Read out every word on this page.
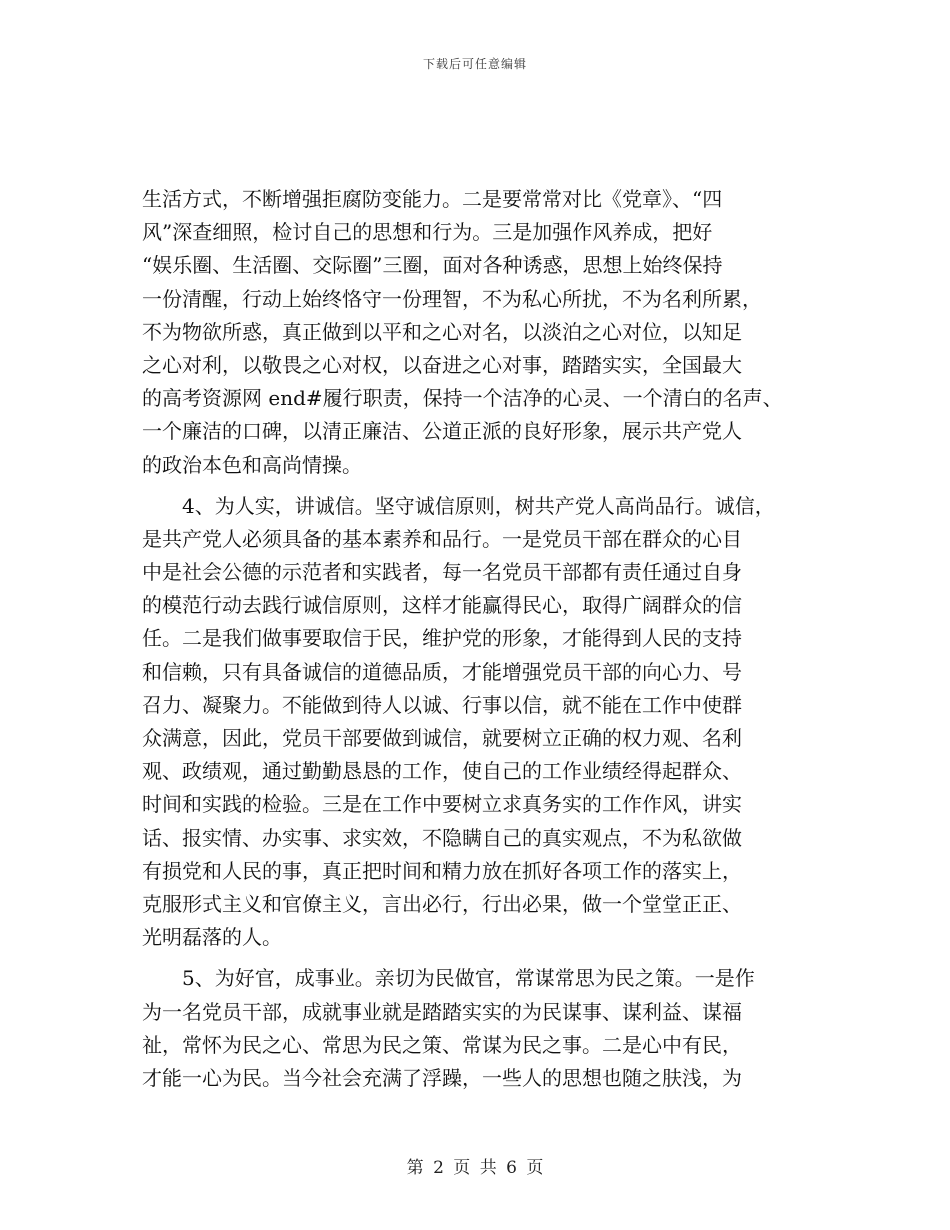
下载后可任意编辑
生活方式，不断增强拒腐防变能力。二是要常常对比《党章》、“四
风”深查细照，检讨自己的思想和行为。三是加强作风养成，把好
“娱乐圈、生活圈、交际圈”三圈，面对各种诱惑，思想上始终保持
一份清醒，行动上始终恪守一份理智，不为私心所扰，不为名利所累，
不为物欲所惑，真正做到以平和之心对名，以淡泊之心对位，以知足
之心对利，以敬畏之心对权，以奋进之心对事，踏踏实实，全国最大
的高考资源网 end#履行职责，保持一个洁净的心灵、一个清白的名声、
一个廉洁的口碑，以清正廉洁、公道正派的良好形象，展示共产党人
的政治本色和高尚情操。
　　4、为人实，讲诚信。坚守诚信原则，树共产党人高尚品行。诚信，
是共产党人必须具备的基本素养和品行。一是党员干部在群众的心目
中是社会公德的示范者和实践者，每一名党员干部都有责任通过自身
的模范行动去践行诚信原则，这样才能赢得民心，取得广阔群众的信
任。二是我们做事要取信于民，维护党的形象，才能得到人民的支持
和信赖，只有具备诚信的道德品质，才能增强党员干部的向心力、号
召力、凝聚力。不能做到待人以诚、行事以信，就不能在工作中使群
众满意，因此，党员干部要做到诚信，就要树立正确的权力观、名利
观、政绩观，通过勤勤恳恳的工作，使自己的工作业绩经得起群众、
时间和实践的检验。三是在工作中要树立求真务实的工作作风，讲实
话、报实情、办实事、求实效，不隐瞒自己的真实观点，不为私欲做
有损党和人民的事，真正把时间和精力放在抓好各项工作的落实上，
克服形式主义和官僚主义，言出必行，行出必果，做一个堂堂正正、
光明磊落的人。
　　5、为好官，成事业。亲切为民做官，常谋常思为民之策。一是作
为一名党员干部，成就事业就是踏踏实实的为民谋事、谋利益、谋福
祉，常怀为民之心、常思为民之策、常谋为民之事。二是心中有民，
才能一心为民。当今社会充满了浮躁，一些人的思想也随之肤浅，为
第 2 页 共 6 页
